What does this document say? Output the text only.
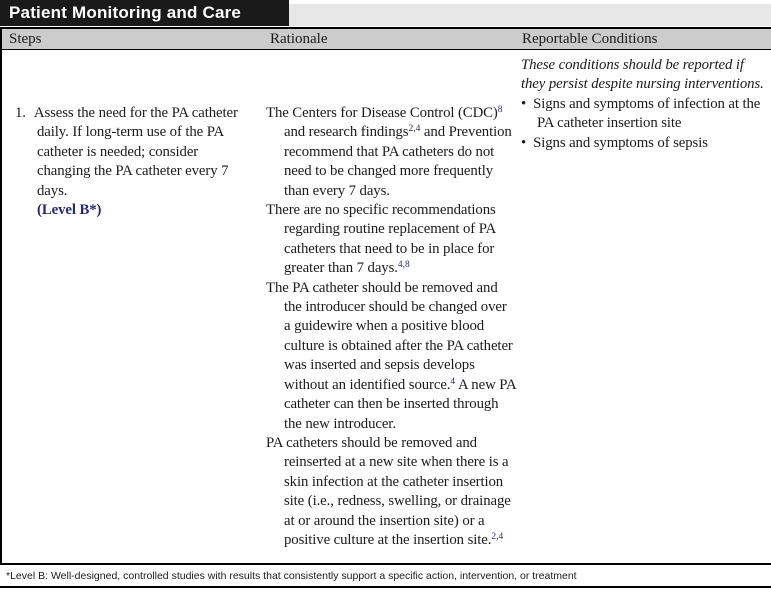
Patient Monitoring and Care
Steps	Rationale	Reportable Conditions

1. Assess the need for the PA catheter daily. If long-term use of the PA catheter is needed; consider changing the PA catheter every 7 days.
(Level B*)

The Centers for Disease Control (CDC)$^8$ and research findings$^{2,4}$ and Prevention recommend that PA catheters do not need to be changed more frequently than every 7 days.

There are no specific recommendations regarding routine replacement of PA catheters that need to be in place for greater than 7 days.$^{4,8}$

The PA catheter should be removed and the introducer should be changed over a guidewire when a positive blood culture is obtained after the PA catheter was inserted and sepsis develops without an identified source.$^4$ A new PA catheter can then be inserted through the new introducer.

PA catheters should be removed and reinserted at a new site when there is a skin infection at the catheter insertion site (i.e., redness, swelling, or drainage at or around the insertion site) or a positive culture at the insertion site.$^{2,4}$

These conditions should be reported if they persist despite nursing interventions.

• Signs and symptoms of infection at the PA catheter insertion site

• Signs and symptoms of sepsis

*Level B: Well-designed, controlled studies with results that consistently support a specific action, intervention, or treatment
